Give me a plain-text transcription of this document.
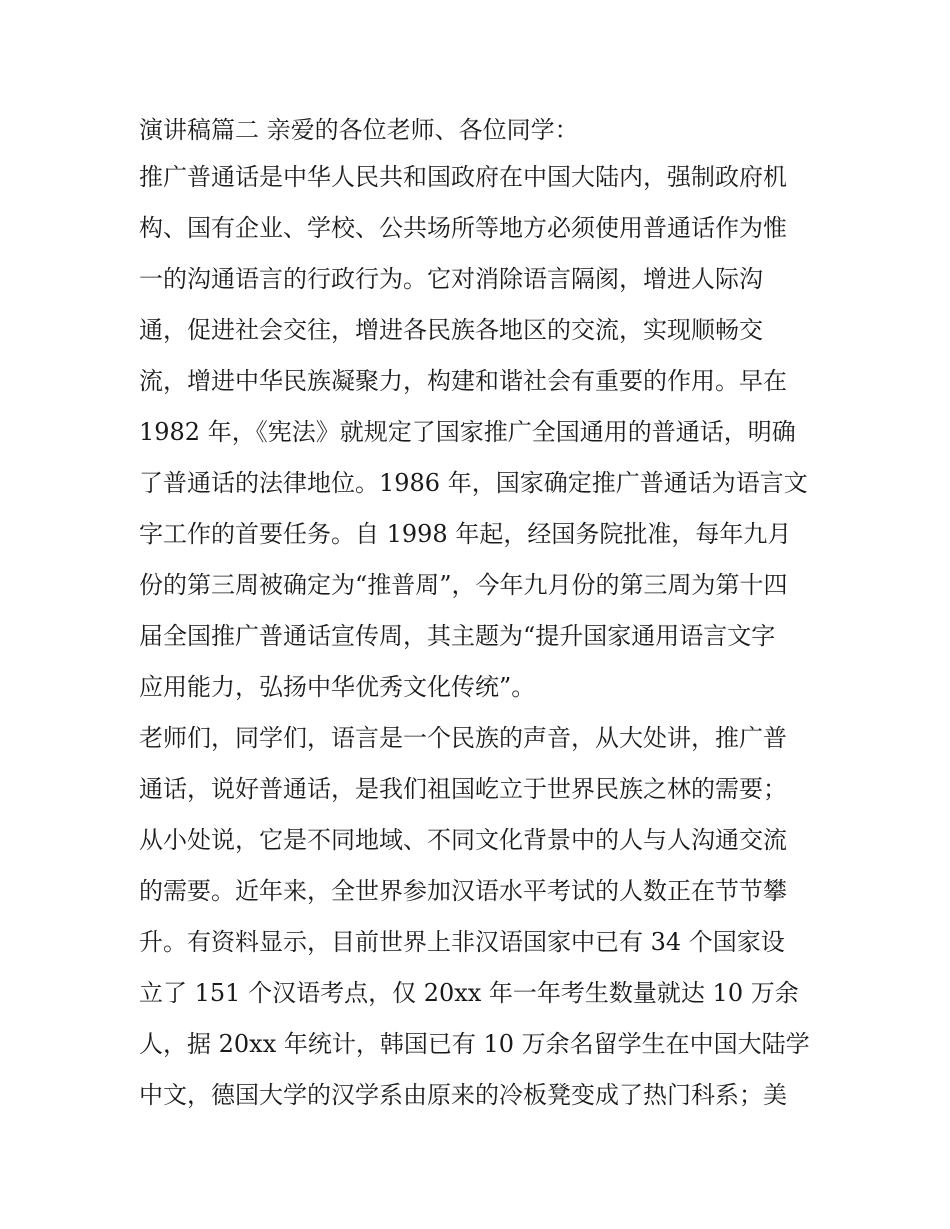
演讲稿篇二 亲爱的各位老师、各位同学：
推广普通话是中华人民共和国政府在中国大陆内，强制政府机
构、国有企业、学校、公共场所等地方必须使用普通话作为惟
一的沟通语言的行政行为。它对消除语言隔阂，增进人际沟
通，促进社会交往，增进各民族各地区的交流，实现顺畅交
流，增进中华民族凝聚力，构建和谐社会有重要的作用。早在
1982 年，《宪法》就规定了国家推广全国通用的普通话，明确
了普通话的法律地位。1986 年，国家确定推广普通话为语言文
字工作的首要任务。自 1998 年起，经国务院批准，每年九月
份的第三周被确定为“推普周”，今年九月份的第三周为第十四
届全国推广普通话宣传周，其主题为“提升国家通用语言文字
应用能力，弘扬中华优秀文化传统”。
老师们，同学们，语言是一个民族的声音，从大处讲，推广普
通话，说好普通话，是我们祖国屹立于世界民族之林的需要；
从小处说，它是不同地域、不同文化背景中的人与人沟通交流
的需要。近年来，全世界参加汉语水平考试的人数正在节节攀
升。有资料显示，目前世界上非汉语国家中已有 34 个国家设
立了 151 个汉语考点，仅 20xx 年一年考生数量就达 10 万余
人，据 20xx 年统计，韩国已有 10 万余名留学生在中国大陆学
中文，德国大学的汉学系由原来的冷板凳变成了热门科系；美
